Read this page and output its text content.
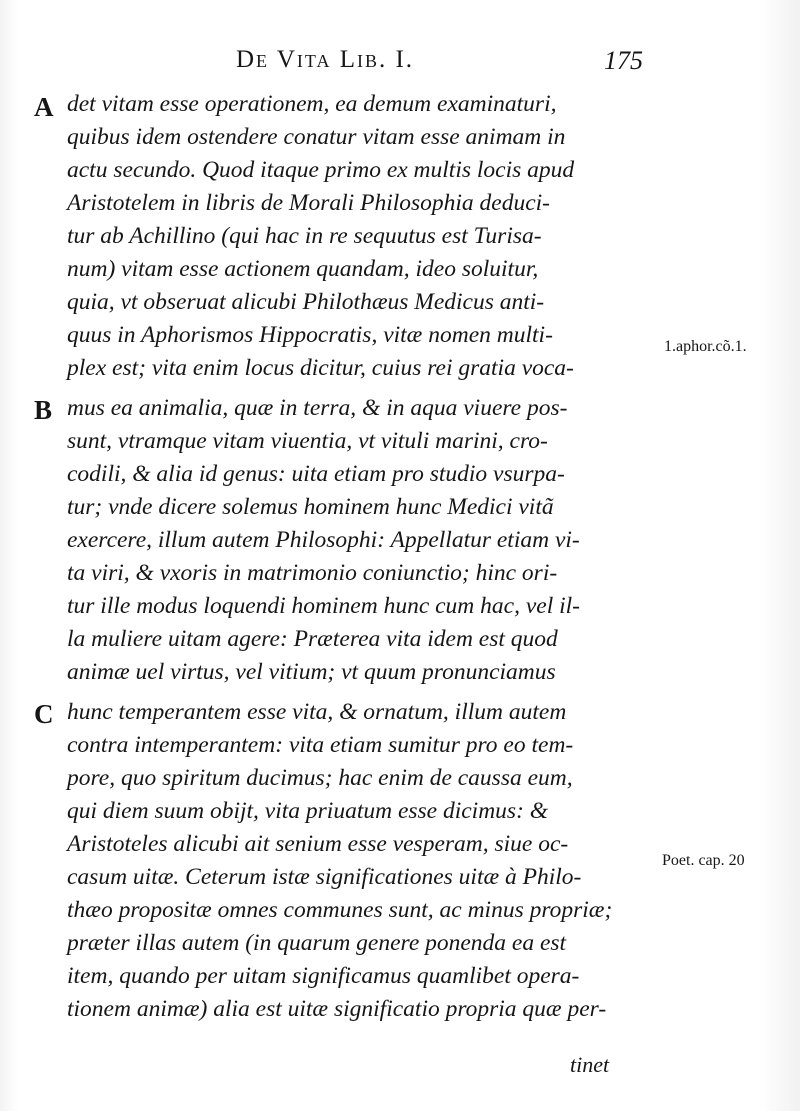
De Vita Lib. I.	175
A
B
C
det vitam esse operationem, ea demum examinaturi,
quibus idem ostendere conatur vitam esse animam in
actu secundo. Quod itaque primo ex multis locis apud
Aristotelem in libris de Morali Philosophia deduci-
tur ab Achillino (qui hac in re sequutus est Turisa-
num) vitam esse actionem quandam, ideo soluitur,
quia, vt obseruat alicubi Philothæus Medicus anti-
quus in Aphorismos Hippocratis, vitæ nomen multi-
plex est; vita enim locus dicitur, cuius rei gratia voca-
mus ea animalia, quæ in terra, & in aqua viuere pos-
sunt, vtramque vitam viuentia, vt vituli marini, cro-
codili, & alia id genus: uita etiam pro studio vsurpa-
tur; vnde dicere solemus hominem hunc Medici vitã
exercere, illum autem Philosophi: Appellatur etiam vi-
ta viri, & vxoris in matrimonio coniunctio; hinc ori-
tur ille modus loquendi hominem hunc cum hac, vel il-
la muliere uitam agere: Præterea vita idem est quod
animæ uel virtus, vel vitium; vt quum pronunciamus
hunc temperantem esse vita, & ornatum, illum autem
contra intemperantem: vita etiam sumitur pro eo tem-
pore, quo spiritum ducimus; hac enim de caussa eum,
qui diem suum obijt, vita priuatum esse dicimus: &
Aristoteles alicubi ait senium esse vesperam, siue oc-
casum uitæ. Ceterum istæ significationes uitæ à Philo-
thæo propositæ omnes communes sunt, ac minus propriæ;
præter illas autem (in quarum genere ponenda ea est
item, quando per uitam significamus quamlibet opera-
tionem animæ) alia est uitæ significatio propria quæ per-
1.aphor.cõ.1.
Poet. cap. 20
tinet
